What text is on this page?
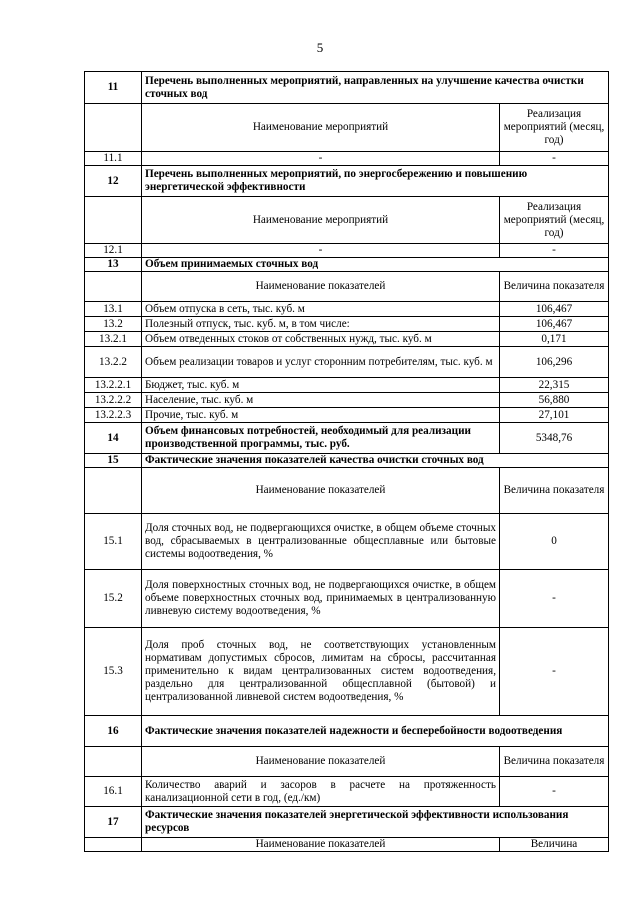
5
11	Перечень выполненных мероприятий, направленных на улучшение качества очистки сточных вод	
	Наименование мероприятий	Реализация мероприятий (месяц, год)
11.1	-	-
12	Перечень выполненных мероприятий, по энергосбережению и повышению энергетической эффективности	
	Наименование мероприятий	Реализация мероприятий (месяц, год)
12.1	-	-
13	Объем принимаемых сточных вод	
	Наименование показателей	Величина показателя
13.1	Объем отпуска в сеть, тыс. куб. м	106,467
13.2	Полезный отпуск, тыс. куб. м, в том числе:	106,467
13.2.1	Объем отведенных стоков от собственных нужд, тыс. куб. м	0,171
13.2.2	Объем реализации товаров и услуг сторонним потребителям, тыс. куб. м	106,296
13.2.2.1	Бюджет, тыс. куб. м	22,315
13.2.2.2	Население, тыс. куб. м	56,880
13.2.2.3	Прочие, тыс. куб. м	27,101
14	Объем финансовых потребностей, необходимый для реализации производственной программы, тыс. руб.	5348,76
15	Фактические значения показателей качества очистки сточных вод	
	Наименование показателей	Величина показателя
15.1	Доля сточных вод, не подвергающихся очистке, в общем объеме сточных вод, сбрасываемых в централизованные общесплавные или бытовые системы водоотведения, %	0
15.2	Доля поверхностных сточных вод, не подвергающихся очистке, в общем объеме поверхностных сточных вод, принимаемых в централизованную ливневую систему водоотведения, %	-
15.3	Доля проб сточных вод, не соответствующих установленным нормативам допустимых сбросов, лимитам на сбросы, рассчитанная применительно к видам централизованных систем водоотведения, раздельно для централизованной общесплавной (бытовой) и централизованной ливневой систем водоотведения, %	-
16	Фактические значения показателей надежности и бесперебойности водоотведения	
	Наименование показателей	Величина показателя
16.1	Количество аварий и засоров в расчете на протяженность канализационной сети в год, (ед./км)	-
17	Фактические значения показателей энергетической эффективности использования ресурсов	
	Наименование показателей	Величина
